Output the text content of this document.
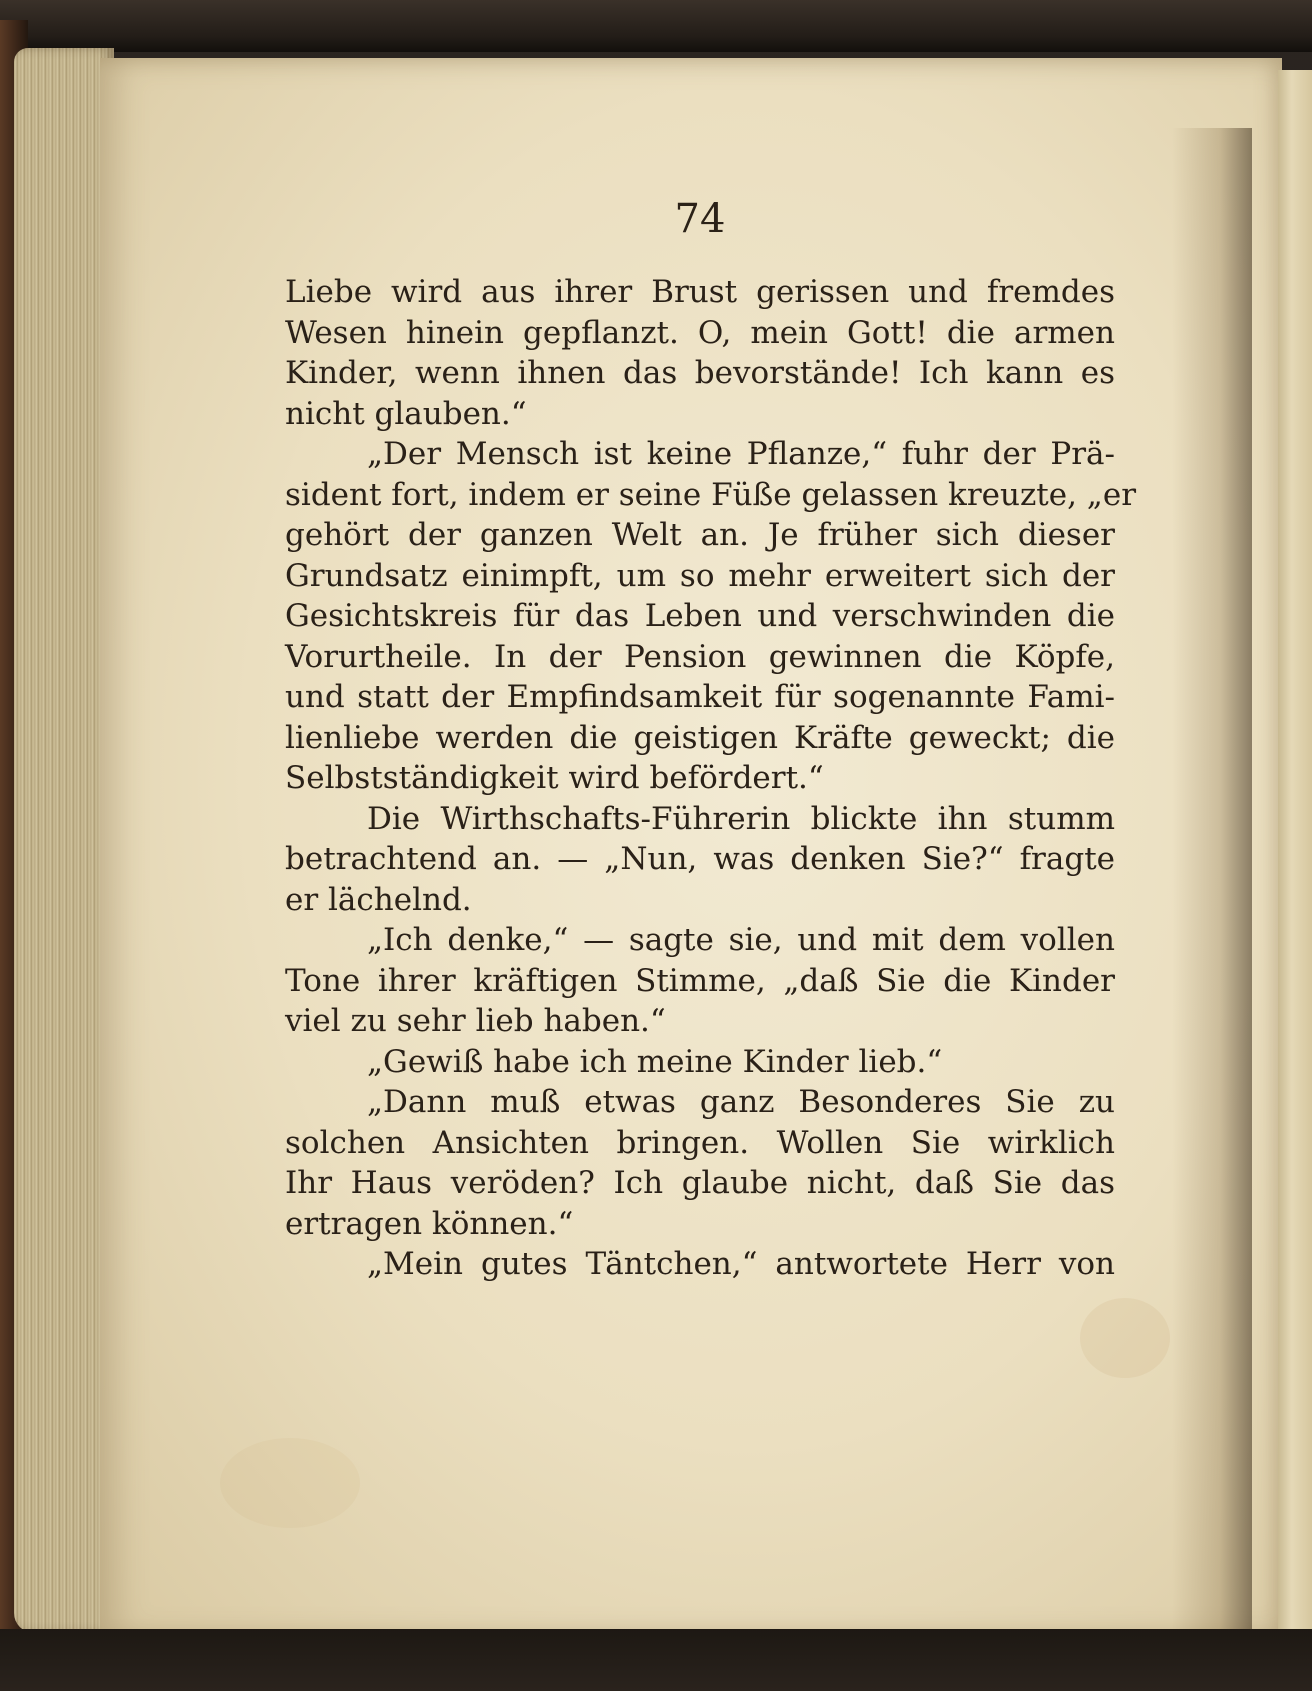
74
Liebe wird aus ihrer Brust gerissen und fremdes
Wesen hinein gepflanzt. O, mein Gott! die armen
Kinder, wenn ihnen das bevorstände! Ich kann es
nicht glauben.“
„Der Mensch ist keine Pflanze,“ fuhr der Prä-
sident fort, indem er seine Füße gelassen kreuzte, „er
gehört der ganzen Welt an. Je früher sich dieser
Grundsatz einimpft, um so mehr erweitert sich der
Gesichtskreis für das Leben und verschwinden die
Vorurtheile. In der Pension gewinnen die Köpfe,
und statt der Empfindsamkeit für sogenannte Fami-
lienliebe werden die geistigen Kräfte geweckt; die
Selbstständigkeit wird befördert.“
Die Wirthschafts-Führerin blickte ihn stumm
betrachtend an. — „Nun, was denken Sie?“ fragte
er lächelnd.
„Ich denke,“ — sagte sie, und mit dem vollen
Tone ihrer kräftigen Stimme, „daß Sie die Kinder
viel zu sehr lieb haben.“
„Gewiß habe ich meine Kinder lieb.“
„Dann muß etwas ganz Besonderes Sie zu
solchen Ansichten bringen. Wollen Sie wirklich
Ihr Haus veröden? Ich glaube nicht, daß Sie das
ertragen können.“
„Mein gutes Täntchen,“ antwortete Herr von
